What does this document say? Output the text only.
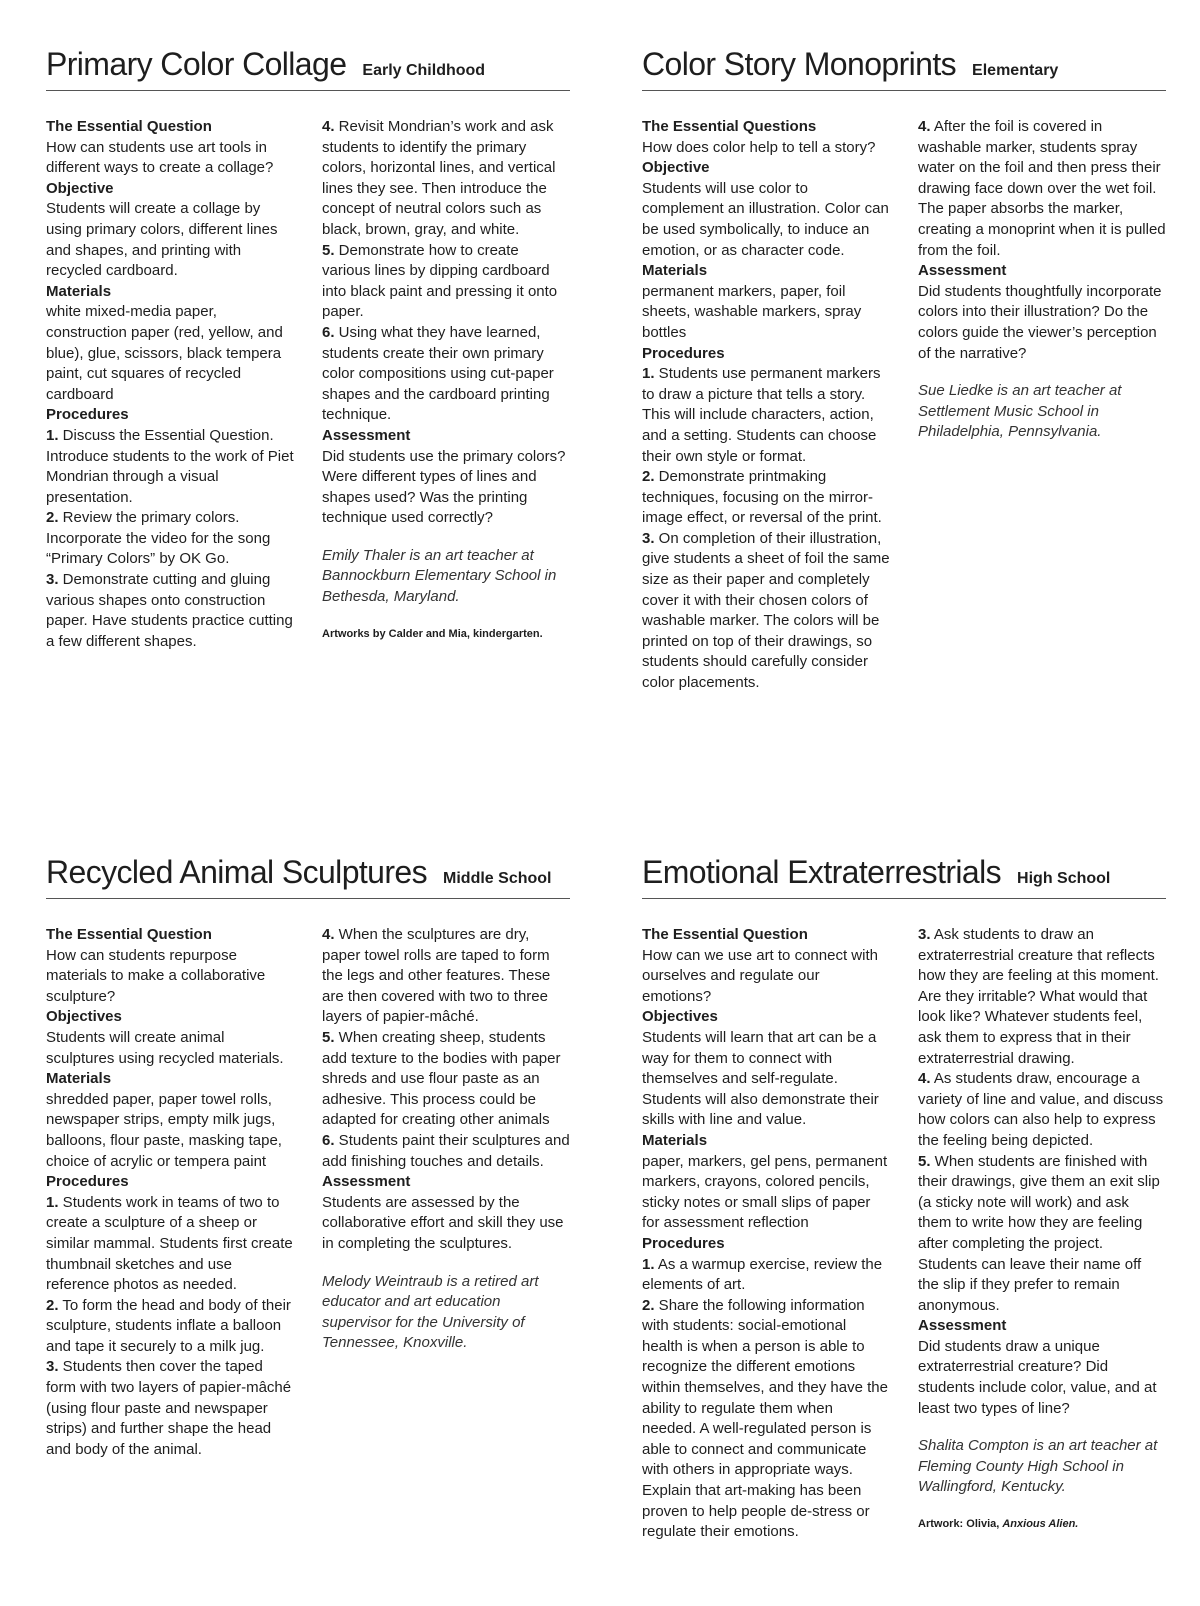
Primary Color Collage Early Childhood

The Essential Question

How can students use art tools in different ways to create a collage?

Objective

Students will create a collage by using primary colors, different lines and shapes, and printing with recycled cardboard.

Materials

white mixed-media paper, construction paper (red, yellow, and blue), glue, scissors, black tempera paint, cut squares of recycled cardboard

Procedures

1. Discuss the Essential Question. Introduce students to the work of Piet Mondrian through a visual presentation.

2. Review the primary colors. Incorporate the video for the song “Primary Colors” by OK Go.

3. Demonstrate cutting and gluing various shapes onto construction paper. Have students practice cutting a few different shapes.

4. Revisit Mondrian’s work and ask students to identify the primary colors, horizontal lines, and vertical lines they see. Then introduce the concept of neutral colors such as black, brown, gray, and white.

5. Demonstrate how to create various lines by dipping cardboard into black paint and pressing it onto paper.

6. Using what they have learned, students create their own primary color compositions using cut-paper shapes and the cardboard printing technique.

Assessment

Did students use the primary colors? Were different types of lines and shapes used? Was the printing technique used correctly?

Emily Thaler is an art teacher at Bannockburn Elementary School in Bethesda, Maryland.

Artworks by Calder and Mia, kindergarten.

Color Story Monoprints Elementary

The Essential Questions

How does color help to tell a story?

Objective

Students will use color to complement an illustration. Color can be used symbolically, to induce an emotion, or as character code.

Materials

permanent markers, paper, foil sheets, washable markers, spray bottles

Procedures

1. Students use permanent markers to draw a picture that tells a story. This will include characters, action, and a setting. Students can choose their own style or format.

2. Demonstrate printmaking techniques, focusing on the mirror-image effect, or reversal of the print.

3. On completion of their illustration, give students a sheet of foil the same size as their paper and completely cover it with their chosen colors of washable marker. The colors will be printed on top of their drawings, so students should carefully consider color placements.

4. After the foil is covered in washable marker, students spray water on the foil and then press their drawing face down over the wet foil. The paper absorbs the marker, creating a monoprint when it is pulled from the foil.

Assessment

Did students thoughtfully incorporate colors into their illustration? Do the colors guide the viewer’s perception of the narrative?

Sue Liedke is an art teacher at Settlement Music School in Philadelphia, Pennsylvania.

Recycled Animal Sculptures Middle School

The Essential Question

How can students repurpose materials to make a collaborative sculpture?

Objectives

Students will create animal sculptures using recycled materials.

Materials

shredded paper, paper towel rolls, newspaper strips, empty milk jugs, balloons, flour paste, masking tape, choice of acrylic or tempera paint

Procedures

1. Students work in teams of two to create a sculpture of a sheep or similar mammal. Students first create thumbnail sketches and use reference photos as needed.

2. To form the head and body of their sculpture, students inflate a balloon and tape it securely to a milk jug.

3. Students then cover the taped form with two layers of papier-mâché (using flour paste and newspaper strips) and further shape the head and body of the animal.

4. When the sculptures are dry, paper towel rolls are taped to form the legs and other features. These are then covered with two to three layers of papier-mâché.

5. When creating sheep, students add texture to the bodies with paper shreds and use flour paste as an adhesive. This process could be adapted for creating other animals

6. Students paint their sculptures and add finishing touches and details.

Assessment

Students are assessed by the collaborative effort and skill they use in completing the sculptures.

Melody Weintraub is a retired art educator and art education supervisor for the University of Tennessee, Knoxville.

Emotional Extraterrestrials High School

The Essential Question

How can we use art to connect with ourselves and regulate our emotions?

Objectives

Students will learn that art can be a way for them to connect with themselves and self-regulate. Students will also demonstrate their skills with line and value.

Materials

paper, markers, gel pens, permanent markers, crayons, colored pencils, sticky notes or small slips of paper for assessment reflection

Procedures

1. As a warmup exercise, review the elements of art.

2. Share the following information with students: social-emotional health is when a person is able to recognize the different emotions within themselves, and they have the ability to regulate them when needed. A well-regulated person is able to connect and communicate with others in appropriate ways. Explain that art-making has been proven to help people de-stress or regulate their emotions.

3. Ask students to draw an extraterrestrial creature that reflects how they are feeling at this moment. Are they irritable? What would that look like? Whatever students feel, ask them to express that in their extraterrestrial drawing.

4. As students draw, encourage a variety of line and value, and discuss how colors can also help to express the feeling being depicted.

5. When students are finished with their drawings, give them an exit slip (a sticky note will work) and ask them to write how they are feeling after completing the project. Students can leave their name off the slip if they prefer to remain anonymous.

Assessment

Did students draw a unique extraterrestrial creature? Did students include color, value, and at least two types of line?

Shalita Compton is an art teacher at Fleming County High School in Wallingford, Kentucky.

Artwork: Olivia, Anxious Alien.
